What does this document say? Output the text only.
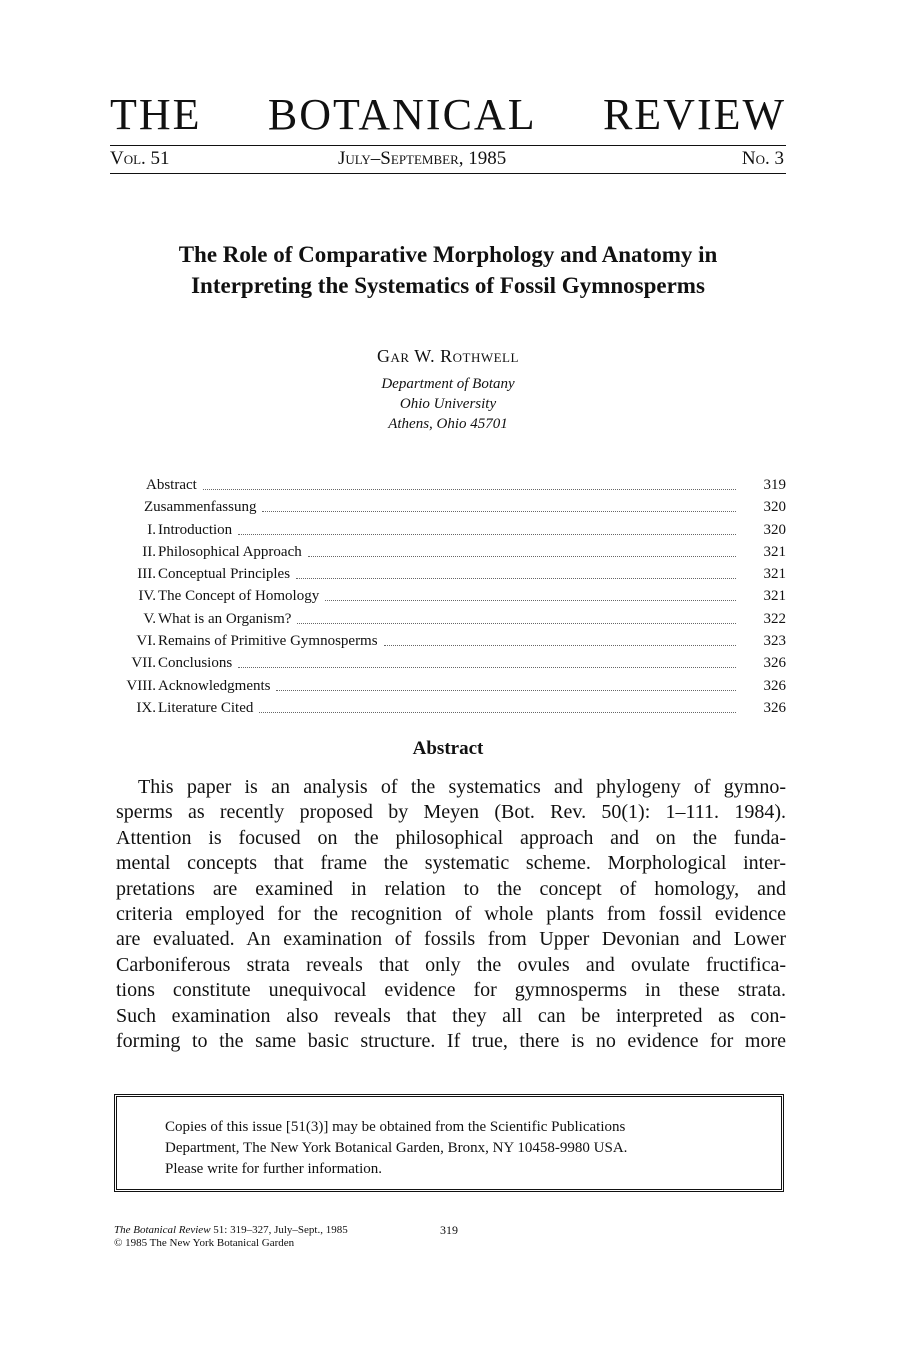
THE BOTANICAL REVIEW
Vol. 51	July–September, 1985	No. 3
The Role of Comparative Morphology and Anatomy in
Interpreting the Systematics of Fossil Gymnosperms
Gar W. Rothwell
Department of Botany
Ohio University
Athens, Ohio 45701
Abstract	319
Zusammenfassung	320
I. Introduction	320
II. Philosophical Approach	321
III. Conceptual Principles	321
IV. The Concept of Homology	321
V. What is an Organism?	322
VI. Remains of Primitive Gymnosperms	323
VII. Conclusions	326
VIII. Acknowledgments	326
IX. Literature Cited	326
Abstract
This paper is an analysis of the systematics and phylogeny of gymno-
sperms as recently proposed by Meyen (Bot. Rev. 50(1): 1–111. 1984).
Attention is focused on the philosophical approach and on the funda-
mental concepts that frame the systematic scheme. Morphological inter-
pretations are examined in relation to the concept of homology, and
criteria employed for the recognition of whole plants from fossil evidence
are evaluated. An examination of fossils from Upper Devonian and Lower
Carboniferous strata reveals that only the ovules and ovulate fructifica-
tions constitute unequivocal evidence for gymnosperms in these strata.
Such examination also reveals that they all can be interpreted as con-
forming to the same basic structure. If true, there is no evidence for more
Copies of this issue [51(3)] may be obtained from the Scientific Publications
Department, The New York Botanical Garden, Bronx, NY 10458-9980 USA.
Please write for further information.
The Botanical Review 51: 319–327, July–Sept., 1985
© 1985 The New York Botanical Garden
319
